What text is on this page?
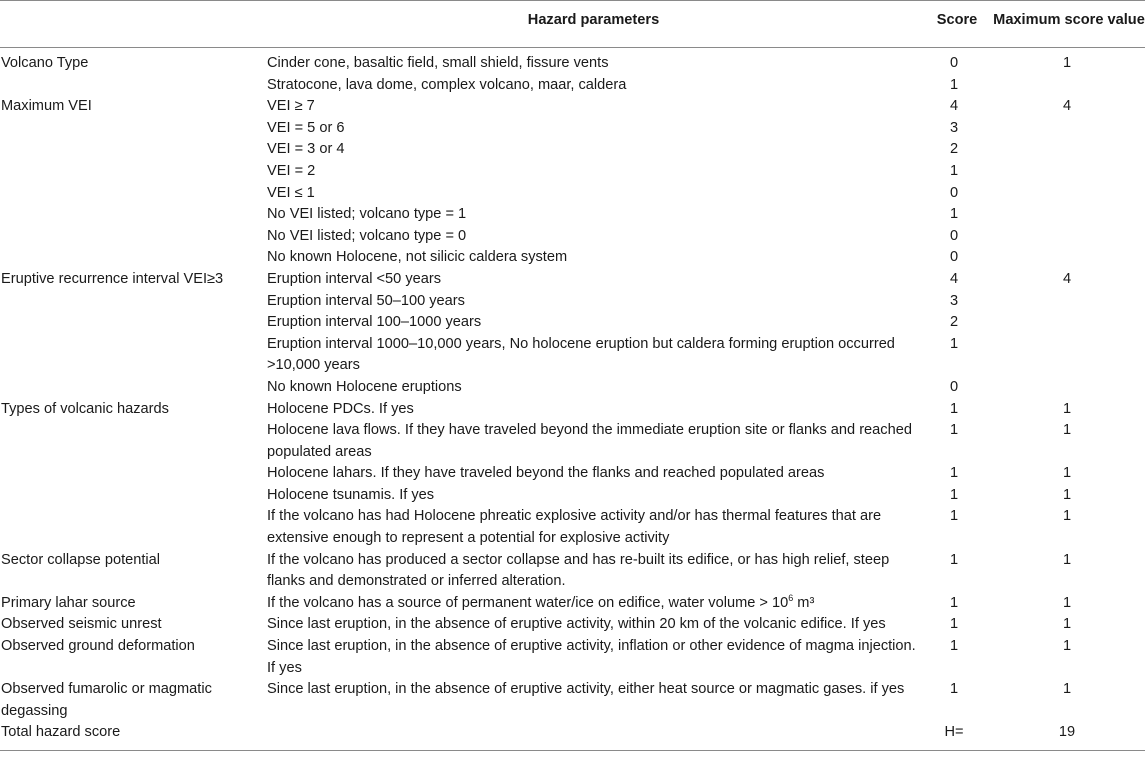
	Hazard parameters	Score	Maximum score value
Volcano Type	Cinder cone, basaltic field, small shield, fissure vents	0	1
	Stratocone, lava dome, complex volcano, maar, caldera	1	
Maximum VEI	VEI ≥ 7	4	4
	VEI = 5 or 6	3	
	VEI = 3 or 4	2	
	VEI = 2	1	
	VEI ≤ 1	0	
	No VEI listed; volcano type = 1	1	
	No VEI listed; volcano type = 0	0	
	No known Holocene, not silicic caldera system	0	
Eruptive recurrence interval VEI≥3	Eruption interval <50 years	4	4
	Eruption interval 50–100 years	3	
	Eruption interval 100–1000 years	2	
	Eruption interval 1000–10,000 years, No holocene eruption but caldera forming eruption occurred >10,000 years	1	
	No known Holocene eruptions	0	
Types of volcanic hazards	Holocene PDCs. If yes	1	1
	Holocene lava flows. If they have traveled beyond the immediate eruption site or flanks and reached populated areas	1	1
	Holocene lahars. If they have traveled beyond the flanks and reached populated areas	1	1
	Holocene tsunamis. If yes	1	1
	If the volcano has had Holocene phreatic explosive activity and/or has thermal features that are extensive enough to represent a potential for explosive activity	1	1
Sector collapse potential	If the volcano has produced a sector collapse and has re-built its edifice, or has high relief, steep flanks and demonstrated or inferred alteration.	1	1
Primary lahar source	If the volcano has a source of permanent water/ice on edifice, water volume > $10^6$ m³	1	1
Observed seismic unrest	Since last eruption, in the absence of eruptive activity, within 20 km of the volcanic edifice. If yes	1	1
Observed ground deformation	Since last eruption, in the absence of eruptive activity, inflation or other evidence of magma injection. If yes	1	1
Observed fumarolic or magmatic degassing	Since last eruption, in the absence of eruptive activity, either heat source or magmatic gases. if yes	1	1
Total hazard score		H=	19
